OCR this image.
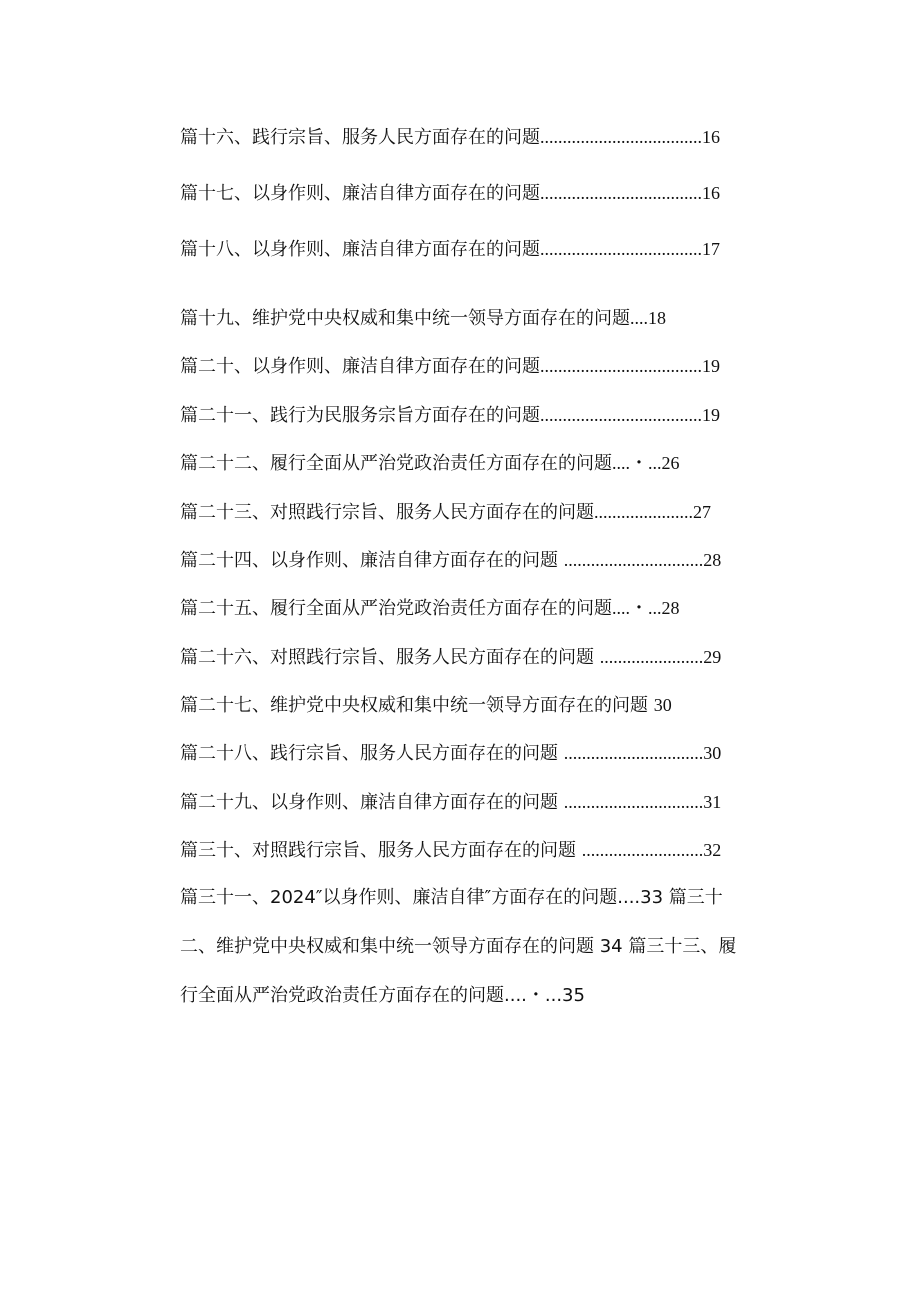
篇十六、践行宗旨、服务人民方面存在的问题....................................16
篇十七、以身作则、廉洁自律方面存在的问题....................................16
篇十八、以身作则、廉洁自律方面存在的问题....................................17
篇十九、维护党中央权威和集中统一领导方面存在的问题....18
篇二十、以身作则、廉洁自律方面存在的问题....................................19
篇二十一、践行为民服务宗旨方面存在的问题....................................19
篇二十二、履行全面从严治党政治责任方面存在的问题....・...26
篇二十三、对照践行宗旨、服务人民方面存在的问题......................27
篇二十四、以身作则、廉洁自律方面存在的问题 ...............................28
篇二十五、履行全面从严治党政治责任方面存在的问题....・...28
篇二十六、对照践行宗旨、服务人民方面存在的问题 .......................29
篇二十七、维护党中央权威和集中统一领导方面存在的问题 30
篇二十八、践行宗旨、服务人民方面存在的问题 ...............................30
篇二十九、以身作则、廉洁自律方面存在的问题 ...............................31
篇三十、对照践行宗旨、服务人民方面存在的问题 ...........................32
篇三十一、2024″以身作则、廉洁自律″方面存在的问题....33 篇三十
二、维护党中央权威和集中统一领导方面存在的问题 34 篇三十三、履
行全面从严治党政治责任方面存在的问题....・...35
